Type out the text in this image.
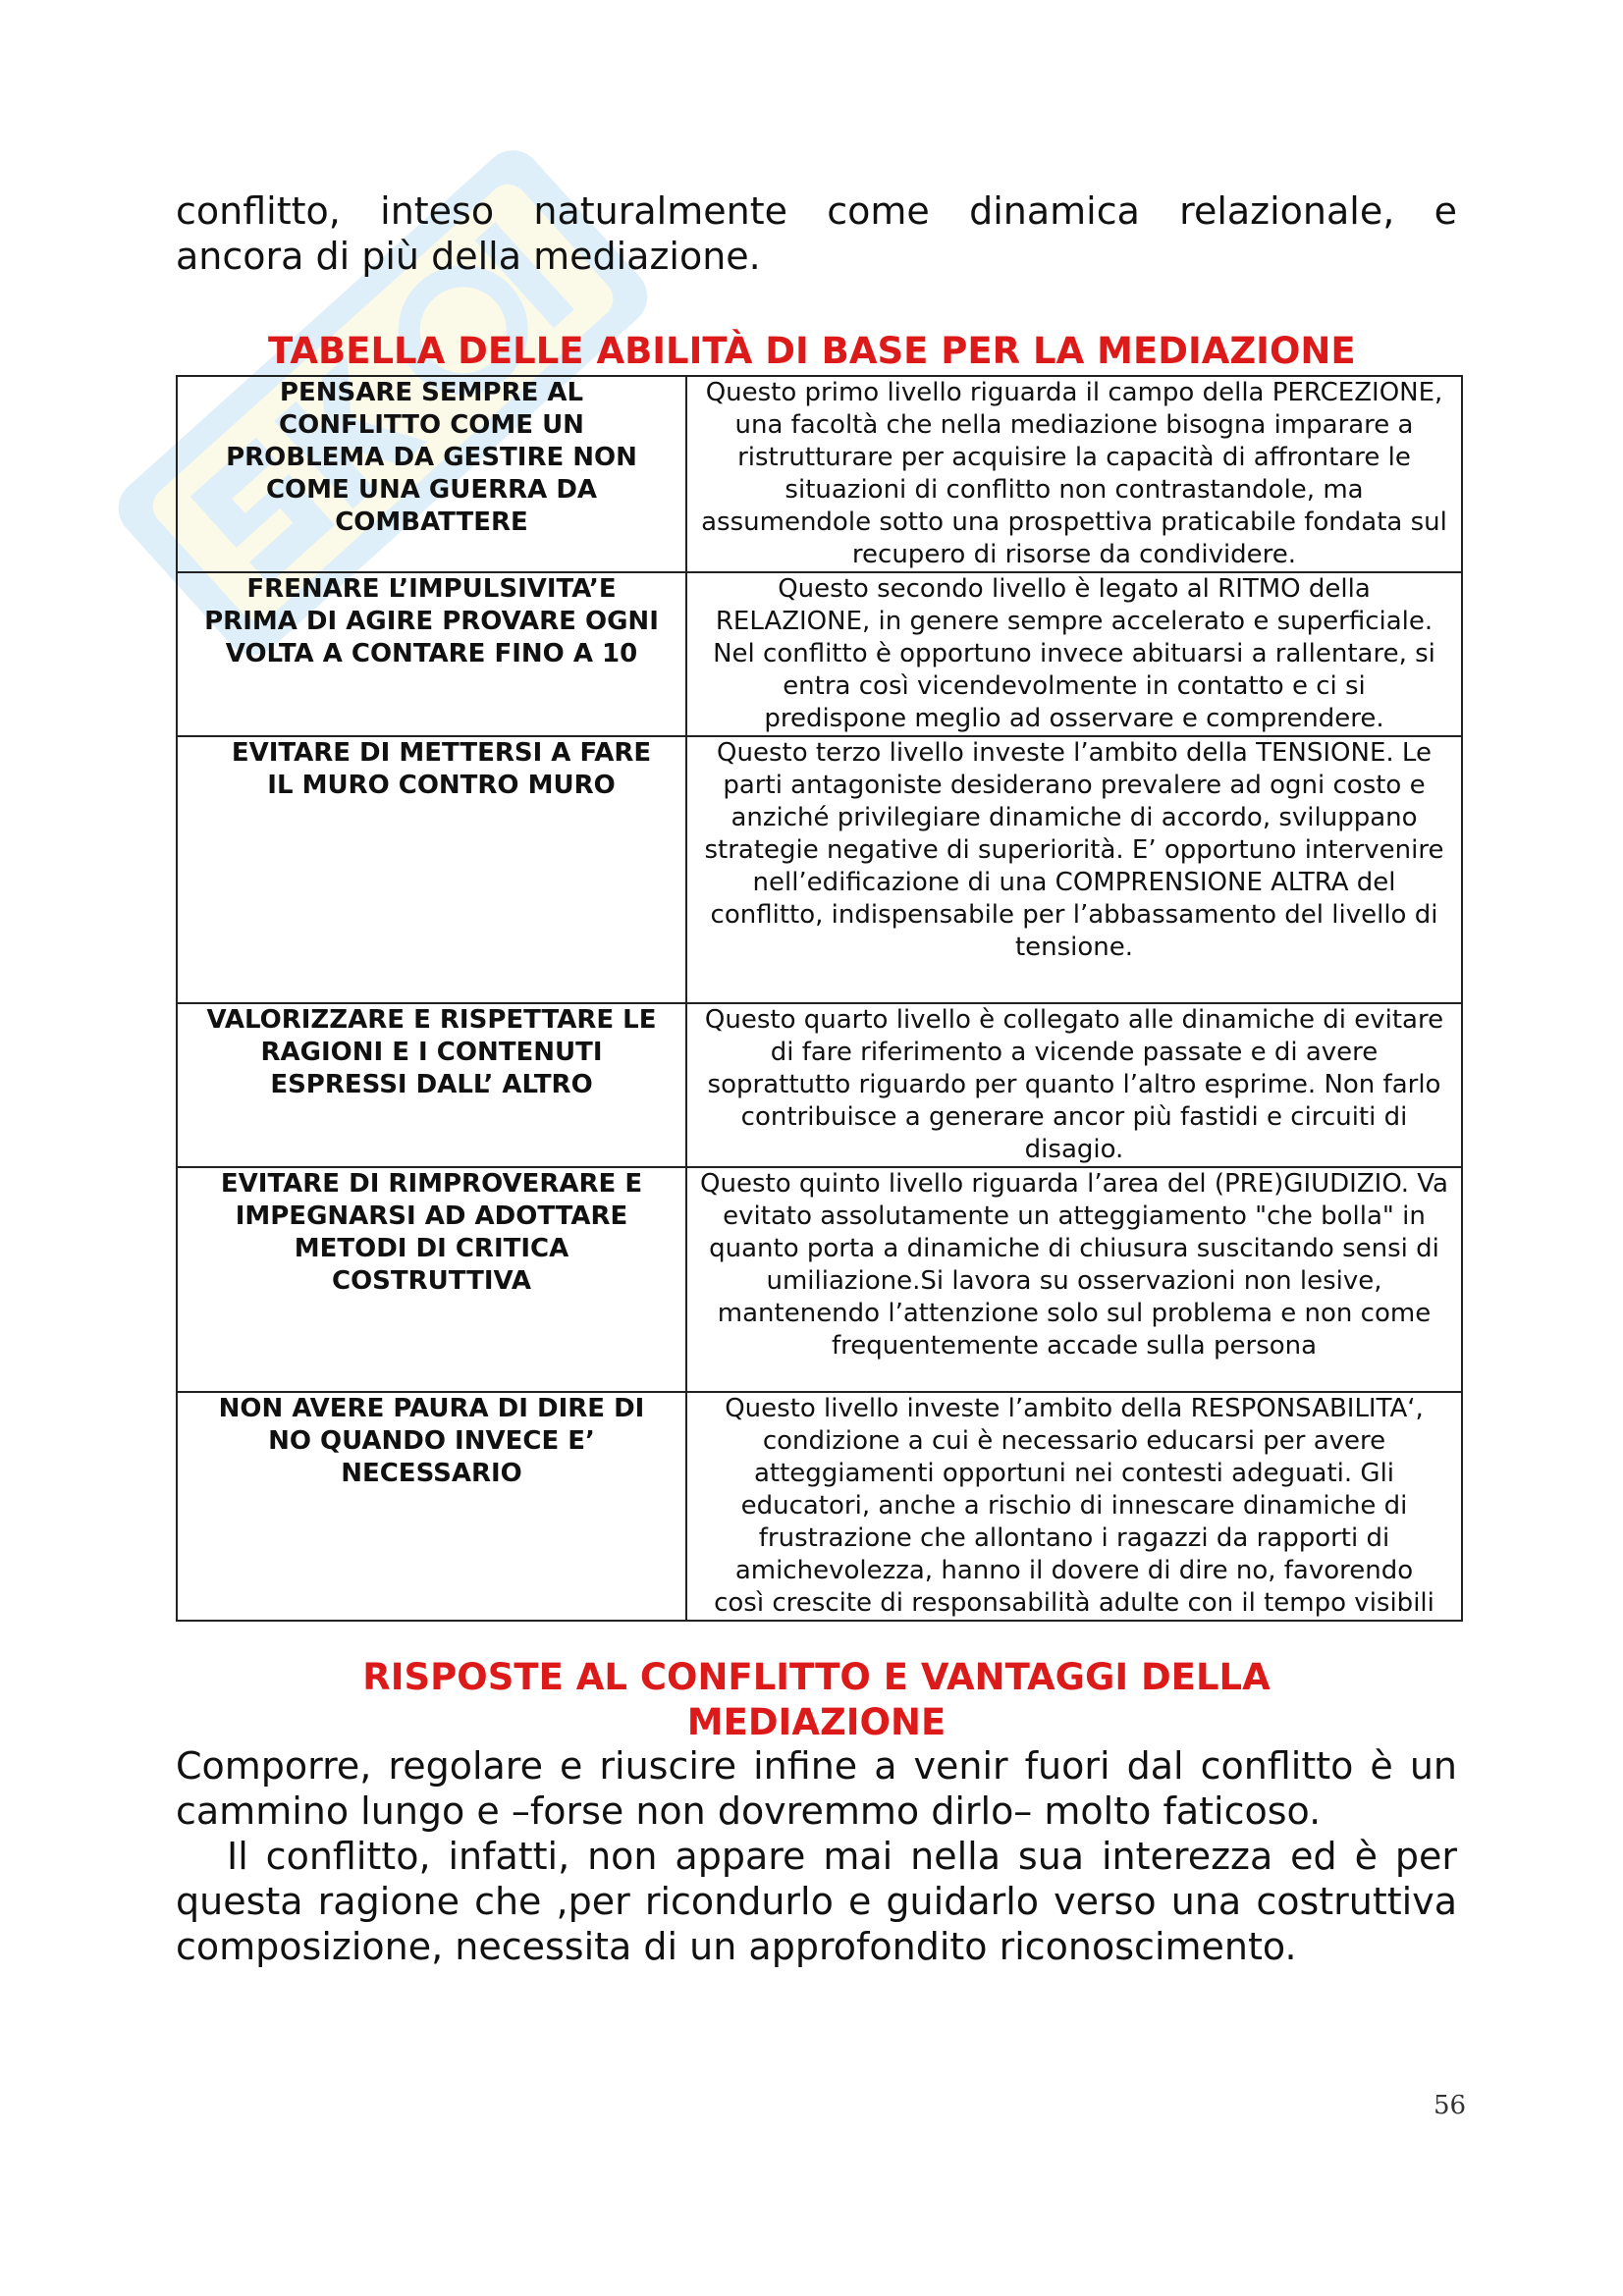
conflitto, inteso naturalmente come dinamica relazionale, e

ancora di più della mediazione.

TABELLA DELLE ABILITÀ DI BASE PER LA MEDIAZIONE
PENSARE SEMPRE AL CONFLITTO COME UN PROBLEMA DA GESTIRE NON COME UNA GUERRA DA COMBATTERE	Questo primo livello riguarda il campo della PERCEZIONE, una facoltà che nella mediazione bisogna imparare a ristrutturare per acquisire la capacità di affrontare le situazioni di conflitto non contrastandole, ma assumendole sotto una prospettiva praticabile fondata sul recupero di risorse da condividere.
FRENARE L’IMPULSIVITA’E PRIMA DI AGIRE PROVARE OGNI VOLTA A CONTARE FINO A 10	Questo secondo livello è legato al RITMO della RELAZIONE, in genere sempre accelerato e superficiale. Nel conflitto è opportuno invece abituarsi a rallentare, si entra così vicendevolmente in contatto e ci si predispone meglio ad osservare e comprendere.
EVITARE DI METTERSI A FARE IL MURO CONTRO MURO	Questo terzo livello investe l’ambito della TENSIONE. Le parti antagoniste desiderano prevalere ad ogni costo e anziché privilegiare dinamiche di accordo, sviluppano strategie negative di superiorità. E’ opportuno intervenire nell’edificazione di una COMPRENSIONE ALTRA del conflitto, indispensabile per l’abbassamento del livello di tensione.
VALORIZZARE E RISPETTARE LE RAGIONI E I CONTENUTI ESPRESSI DALL’ ALTRO	Questo quarto livello è collegato alle dinamiche di evitare di fare riferimento a vicende passate e di avere soprattutto riguardo per quanto l’altro esprime. Non farlo contribuisce a generare ancor più fastidi e circuiti di disagio.
EVITARE DI RIMPROVERARE E IMPEGNARSI AD ADOTTARE METODI DI CRITICA COSTRUTTIVA	Questo quinto livello riguarda l’area del (PRE)GIUDIZIO. Va evitato assolutamente un atteggiamento "che bolla" in quanto porta a dinamiche di chiusura suscitando sensi di umiliazione.Si lavora su osservazioni non lesive, mantenendo l’attenzione solo sul problema e non come frequentemente accade sulla persona
NON AVERE PAURA DI DIRE DI NO QUANDO INVECE E’ NECESSARIO	Questo livello investe l’ambito della RESPONSABILITA‘, condizione a cui è necessario educarsi per avere atteggiamenti opportuni nei contesti adeguati. Gli educatori, anche a rischio di innescare dinamiche di frustrazione che allontano i ragazzi da rapporti di amichevolezza, hanno il dovere di dire no, favorendo così crescite di responsabilità adulte con il tempo visibili
RISPOSTE AL CONFLITTO E VANTAGGI DELLA
MEDIAZIONE

Comporre, regolare e riuscire infine a venir fuori dal conflitto è un cammino lungo e –forse non dovremmo dirlo– molto faticoso.

Il conflitto, infatti, non appare mai nella sua interezza ed è per questa ragione che ,per ricondurlo e guidarlo verso una costruttiva composizione, necessita di un approfondito riconoscimento.

56
